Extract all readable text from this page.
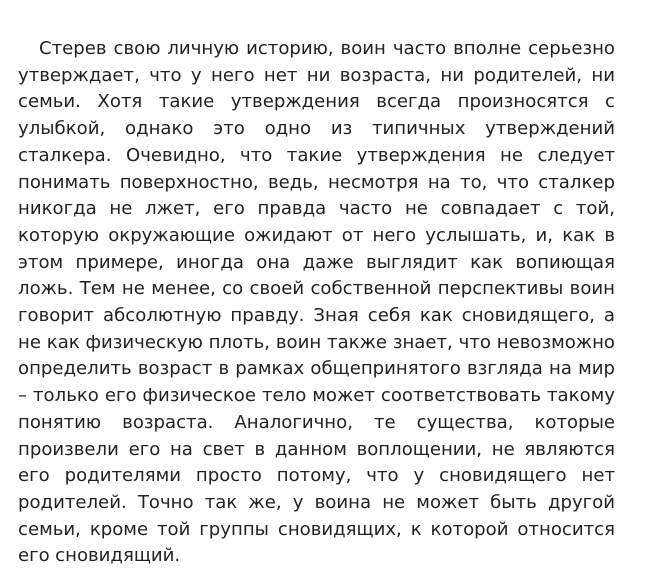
Стерев свою личную историю, воин часто вполне серьезно утверждает, что у него нет ни возраста, ни родителей, ни семьи. Хотя такие утверждения всегда произносятся с улыбкой, однако это одно из типичных утверждений сталкера. Очевидно, что такие утверждения не следует понимать поверхностно, ведь, несмотря на то, что сталкер никогда не лжет, его правда часто не совпадает с той, которую окружающие ожидают от него услышать, и, как в этом примере, иногда она даже выглядит как вопиющая ложь. Тем не менее, со своей собственной перспективы воин говорит абсолютную правду. Зная себя как сновидящего, а не как физическую плоть, воин также знает, что невозможно определить возраст в рамках общепринятого взгляда на мир – только его физическое тело может соответствовать такому понятию возраста. Аналогично, те существа, которые произвели его на свет в данном воплощении, не являются его родителями просто потому, что у сновидящего нет родителей. Точно так же, у воина не может быть другой семьи, кроме той группы сновидящих, к которой относится его сновидящий.
